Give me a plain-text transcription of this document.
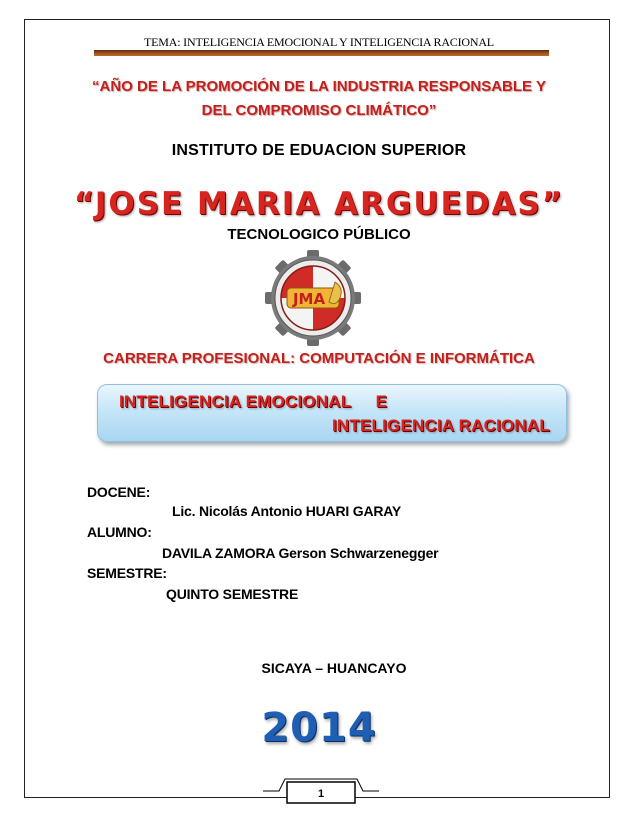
TEMA: INTELIGENCIA EMOCIONAL Y INTELIGENCIA RACIONAL
“AÑO DE LA PROMOCIÓN DE LA INDUSTRIA RESPONSABLE Y
DEL COMPROMISO CLIMÁTICO”
INSTITUTO DE EDUACION SUPERIOR
“JOSE MARIA ARGUEDAS”
TECNOLOGICO PÚBLICO
JMA
CARRERA PROFESIONAL: COMPUTACIÓN E INFORMÁTICA
INTELIGENCIA EMOCIONAL     E
INTELIGENCIA RACIONAL
DOCENE:
Lic. Nicolás Antonio HUARI GARAY
ALUMNO:
DAVILA ZAMORA Gerson Schwarzenegger
SEMESTRE:
QUINTO SEMESTRE
SICAYA – HUANCAYO
2014
1
